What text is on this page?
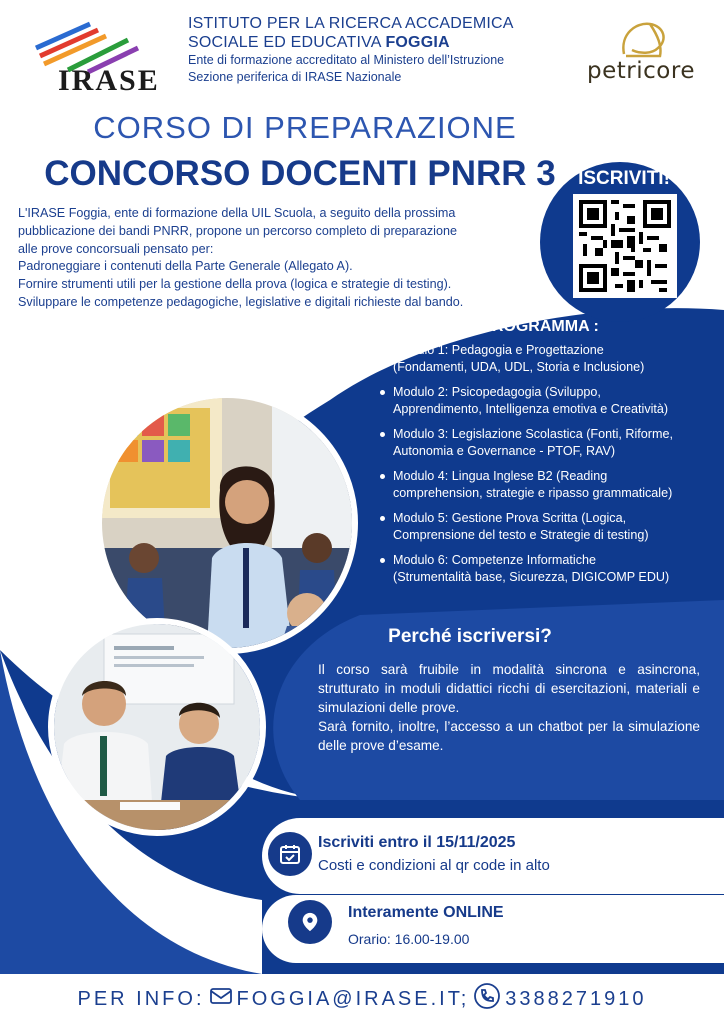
IRASE
ISTITUTO PER LA RICERCA ACCADEMICA
SOCIALE ED EDUCATIVA FOGGIA
Ente di formazione accreditato al Ministero dell’Istruzione
Sezione periferica di IRASE Nazionale	petricore
CORSO DI PREPARAZIONE
CONCORSO DOCENTI PNRR 3

L'IRASE Foggia, ente di formazione della UIL Scuola, a seguito della prossima

pubblicazione dei bandi PNRR, propone un percorso completo di preparazione

alle prove concorsuali pensato per:

Padroneggiare i contenuti della Parte Generale (Allegato A).

Fornire strumenti utili per la gestione della prova (logica e strategie di testing).

Sviluppare le competenze pedagogiche, legislative e digitali richieste dal bando.

ISCRIVITI!
PROGRAMMA :
Modulo 1: Pedagogia e Progettazione
(Fondamenti, UDA, UDL, Storia e Inclusione)
Modulo 2: Psicopedagogia (Sviluppo,
Apprendimento, Intelligenza emotiva e Creatività)
Modulo 3: Legislazione Scolastica (Fonti, Riforme,
Autonomia e Governance - PTOF, RAV)
Modulo 4: Lingua Inglese B2 (Reading
comprehension, strategie e ripasso grammaticale)
Modulo 5: Gestione Prova Scritta (Logica,
Comprensione del testo e Strategie di testing)
Modulo 6: Competenze Informatiche
(Strumentalità base, Sicurezza, DIGICOMP EDU)
Perché iscriversi?

Il corso sarà fruibile in modalità sincrona e asincrona, strutturato in moduli didattici ricchi di esercitazioni, materiali e simulazioni delle prove.

Sarà fornito, inoltre, l’accesso a un chatbot per la simulazione delle prove d’esame.

Iscriviti entro il 15/11/2025
Costi e condizioni al qr code in alto
Interamente ONLINE
Orario: 16.00-19.00
PER INFO: FOGGIA@IRASE.IT; 3388271910
